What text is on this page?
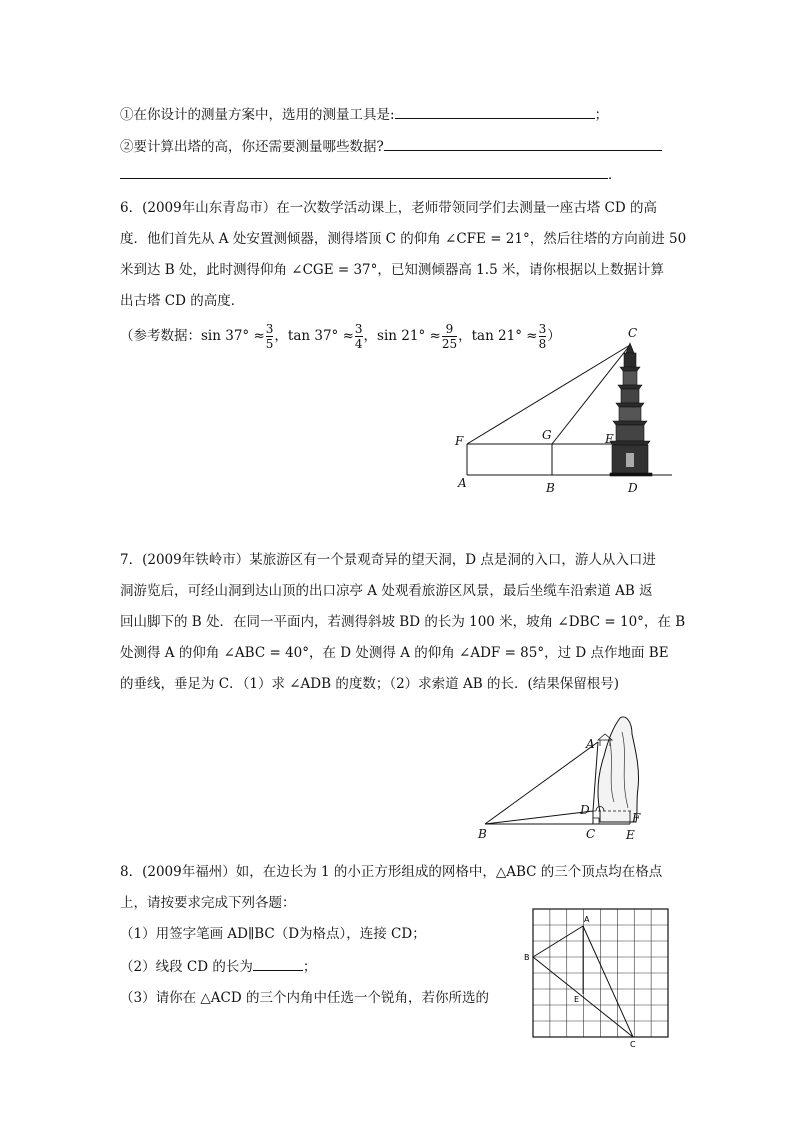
①在你设计的测量方案中，选用的测量工具是:	；
②要计算出塔的高，你还需要测量哪些数据?
．
6．(2009年山东青岛市）在一次数学活动课上，老师带领同学们去测量一座古塔 CD 的高
度．他们首先从 A 处安置测倾器，测得塔顶 C 的仰角 ∠CFE = 21°，然后往塔的方向前进 50
米到达 B 处，此时测得仰角 ∠CGE = 37°，已知测倾器高 1.5 米，请你根据以上数据计算
出古塔 CD 的高度．
（参考数据：$\sin 37^\circ \approx \frac{3}{5}$ ，$\tan 37^\circ \approx \frac{3}{4}$ ，$\sin 21^\circ \approx \frac{9}{25}$ ，$\tan 21^\circ \approx \frac{3}{8}$ ）	C
F	G	E
A	B	D
7．(2009年铁岭市）某旅游区有一个景观奇异的望天洞，D 点是洞的入口，游人从入口进
洞游览后，可经山洞到达山顶的出口凉亭 A 处观看旅游区风景，最后坐缆车沿索道 AB 返
回山脚下的 B 处．在同一平面内，若测得斜坡 BD 的长为 100 米，坡角 ∠DBC = 10°，在 B
处测得 A 的仰角 ∠ABC = 40°，在 D 处测得 A 的仰角 ∠ADF = 85°，过 D 点作地面 BE
的垂线，垂足为 C．（1）求 ∠ADB 的度数；（2）求索道 AB 的长．(结果保留根号)
A
D
F
B	C	E
8．(2009年福州）如，在边长为 1 的小正方形组成的网格中，△ABC 的三个顶点均在格点
上，请按要求完成下列各题：
（1）用签字笔画 AD∥BC（D为格点），连接 CD；
（2）线段 CD 的长为	；
（3）请你在 △ACD 的三个内角中任选一个锐角，若你所选的
A
B
E
C
